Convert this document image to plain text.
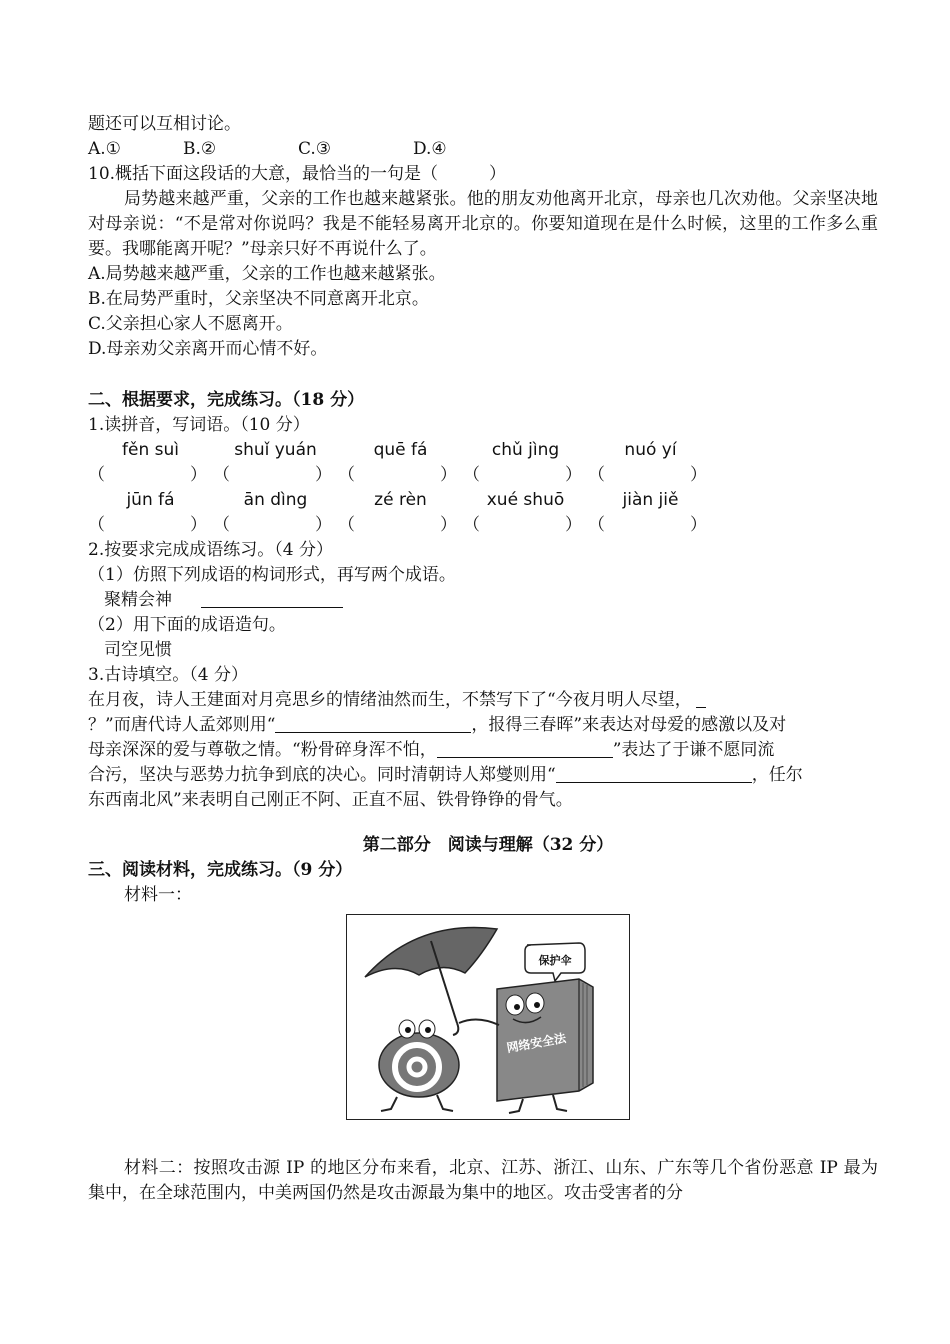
题还可以互相讨论。
A.①	B.②	C.③	D.④
10.概括下面这段话的大意，最恰当的一句是（　　　）
局势越来越严重，父亲的工作也越来越紧张。他的朋友劝他离开北京，母亲也几次劝他。父亲坚决地对母亲说：“不是常对你说吗？我是不能轻易离开北京的。你要知道现在是什么时候，这里的工作多么重要。我哪能离开呢？”母亲只好不再说什么了。
A.局势越来越严重，父亲的工作也越来越紧张。
B.在局势严重时，父亲坚决不同意离开北京。
C.父亲担心家人不愿离开。
D.母亲劝父亲离开而心情不好。
二、根据要求，完成练习。（18 分）
1.读拼音，写词语。（10 分）
fěn suì	shuǐ yuán	quē fá	chǔ jìng	nuó yí
（	） （	） （	） （	） （	）
jūn fá	ān dìng	zé rèn	xué shuō	jiàn jiě
（	） （	） （	） （	） （	）
2.按要求完成成语练习。（4 分）
（1）仿照下列成语的构词形式，再写两个成语。
聚精会神
（2）用下面的成语造句。
司空见惯
3.古诗填空。（4 分）
在月夜，诗人王建面对月亮思乡的情绪油然而生，不禁写下了“今夜月明人尽望，
？”而唐代诗人孟郊则用“	，报得三春晖”来表达对母爱的感激以及对
母亲深深的爱与尊敬之情。“粉骨碎身浑不怕，	”表达了于谦不愿同流
合污，坚决与恶势力抗争到底的决心。同时清朝诗人郑燮则用“	，任尔
东西南北风”来表明自己刚正不阿、正直不屈、铁骨铮铮的骨气。
第二部分　阅读与理解（32 分）
三、阅读材料，完成练习。（9 分）
材料一：
保护伞
网络安全法
材料二：按照攻击源 IP 的地区分布来看，北京、江苏、浙江、山东、广东等几个省份恶意 IP 最为集中，在全球范围内，中美两国仍然是攻击源最为集中的地区。攻击受害者的分
